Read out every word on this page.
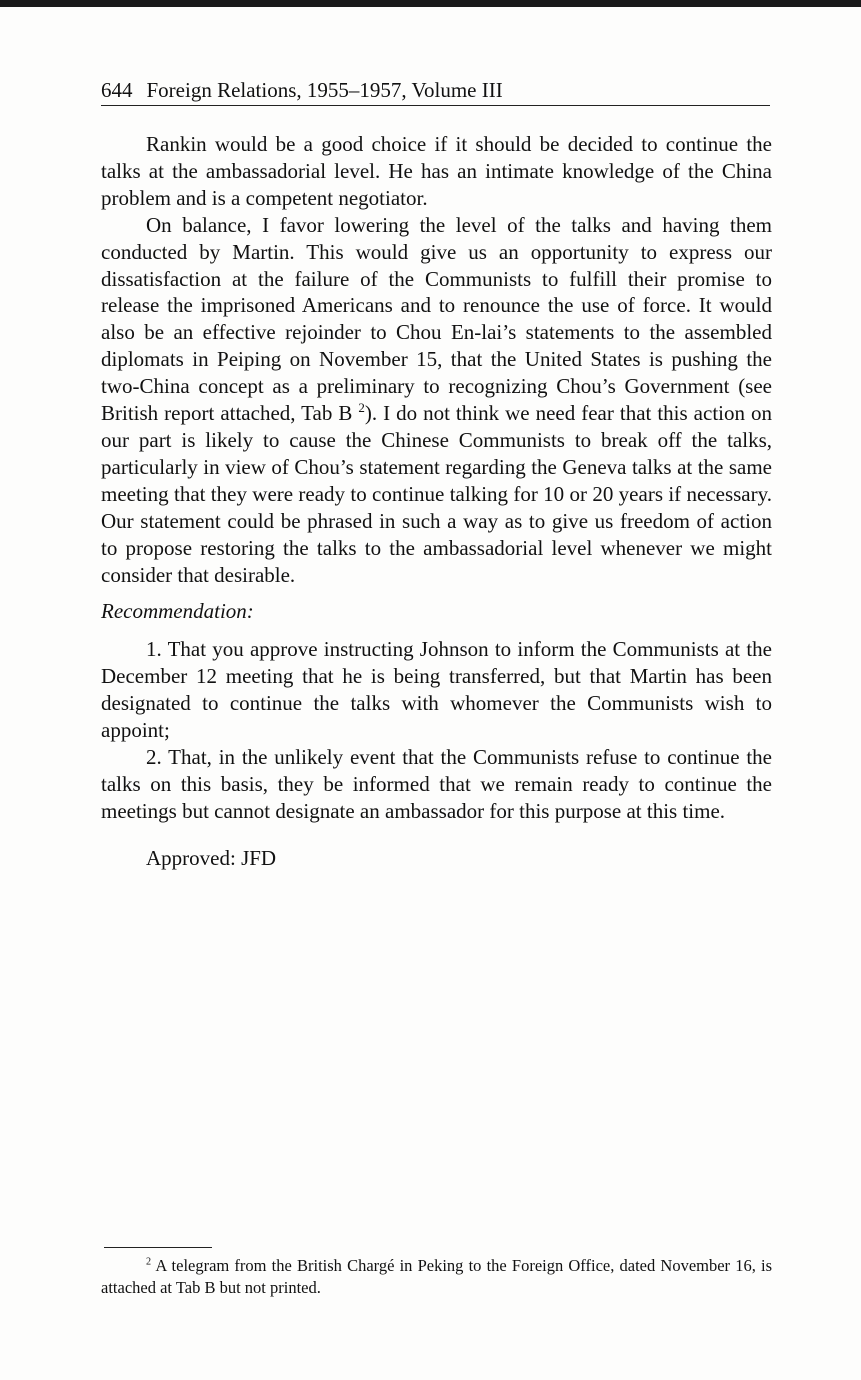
644 Foreign Relations, 1955–1957, Volume III

Rankin would be a good choice if it should be decided to continue the talks at the ambassadorial level. He has an intimate knowledge of the China problem and is a competent negotiator.

On balance, I favor lowering the level of the talks and having them conducted by Martin. This would give us an opportunity to express our dissatisfaction at the failure of the Communists to fulfill their promise to release the imprisoned Americans and to renounce the use of force. It would also be an effective rejoinder to Chou En-lai’s statements to the assembled diplomats in Peiping on November 15, that the United States is pushing the two-China concept as a preliminary to recognizing Chou’s Government (see British report attached, Tab B $^2$). I do not think we need fear that this action on our part is likely to cause the Chinese Communists to break off the talks, particularly in view of Chou’s statement regarding the Geneva talks at the same meeting that they were ready to continue talking for 10 or 20 years if necessary. Our statement could be phrased in such a way as to give us freedom of action to propose restoring the talks to the ambassadorial level whenever we might consider that desirable.

Recommendation:

1. That you approve instructing Johnson to inform the Communists at the December 12 meeting that he is being transferred, but that Martin has been designated to continue the talks with whomever the Communists wish to appoint;

2. That, in the unlikely event that the Communists refuse to continue the talks on this basis, they be informed that we remain ready to continue the meetings but cannot designate an ambassador for this purpose at this time.

Approved: JFD

$^2$ A telegram from the British Chargé in Peking to the Foreign Office, dated November 16, is attached at Tab B but not printed.
